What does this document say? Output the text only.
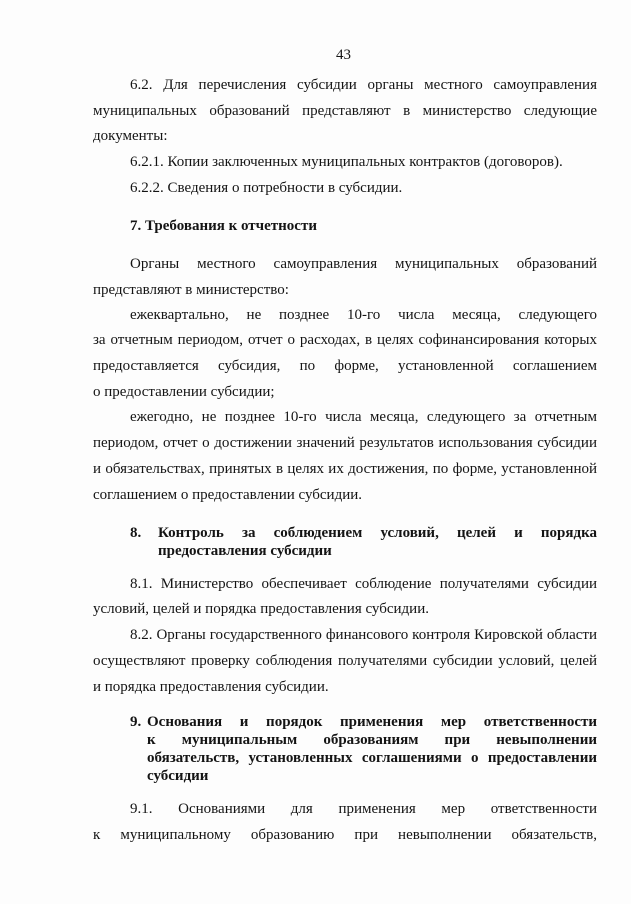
43
6.2. Для перечисления субсидии органы местного самоуправления
муниципальных образований представляют в министерство следующие
документы:
6.2.1. Копии заключенных муниципальных контрактов (договоров).
6.2.2. Сведения о потребности в субсидии.
7. Требования к отчетности
Органы местного самоуправления муниципальных образований
представляют в министерство:
ежеквартально, не позднее 10-го числа месяца, следующего
за отчетным периодом, отчет о расходах, в целях софинансирования которых
предоставляется субсидия, по форме, установленной соглашением
о предоставлении субсидии;
ежегодно, не позднее 10-го числа месяца, следующего за отчетным
периодом, отчет о достижении значений результатов использования субсидии
и обязательствах, принятых в целях их достижения, по форме, установленной
соглашением о предоставлении субсидии.
8. Контроль за соблюдением условий, целей и порядка
предоставления субсидии
8.1. Министерство обеспечивает соблюдение получателями субсидии
условий, целей и порядка предоставления субсидии.
8.2. Органы государственного финансового контроля Кировской области
осуществляют проверку соблюдения получателями субсидии условий, целей
и порядка предоставления субсидии.
9. Основания и порядок применения мер ответственности
к муниципальным образованиям при невыполнении
обязательств, установленных соглашениями о предоставлении
субсидии
9.1. Основаниями для применения мер ответственности
к муниципальному образованию при невыполнении обязательств,
